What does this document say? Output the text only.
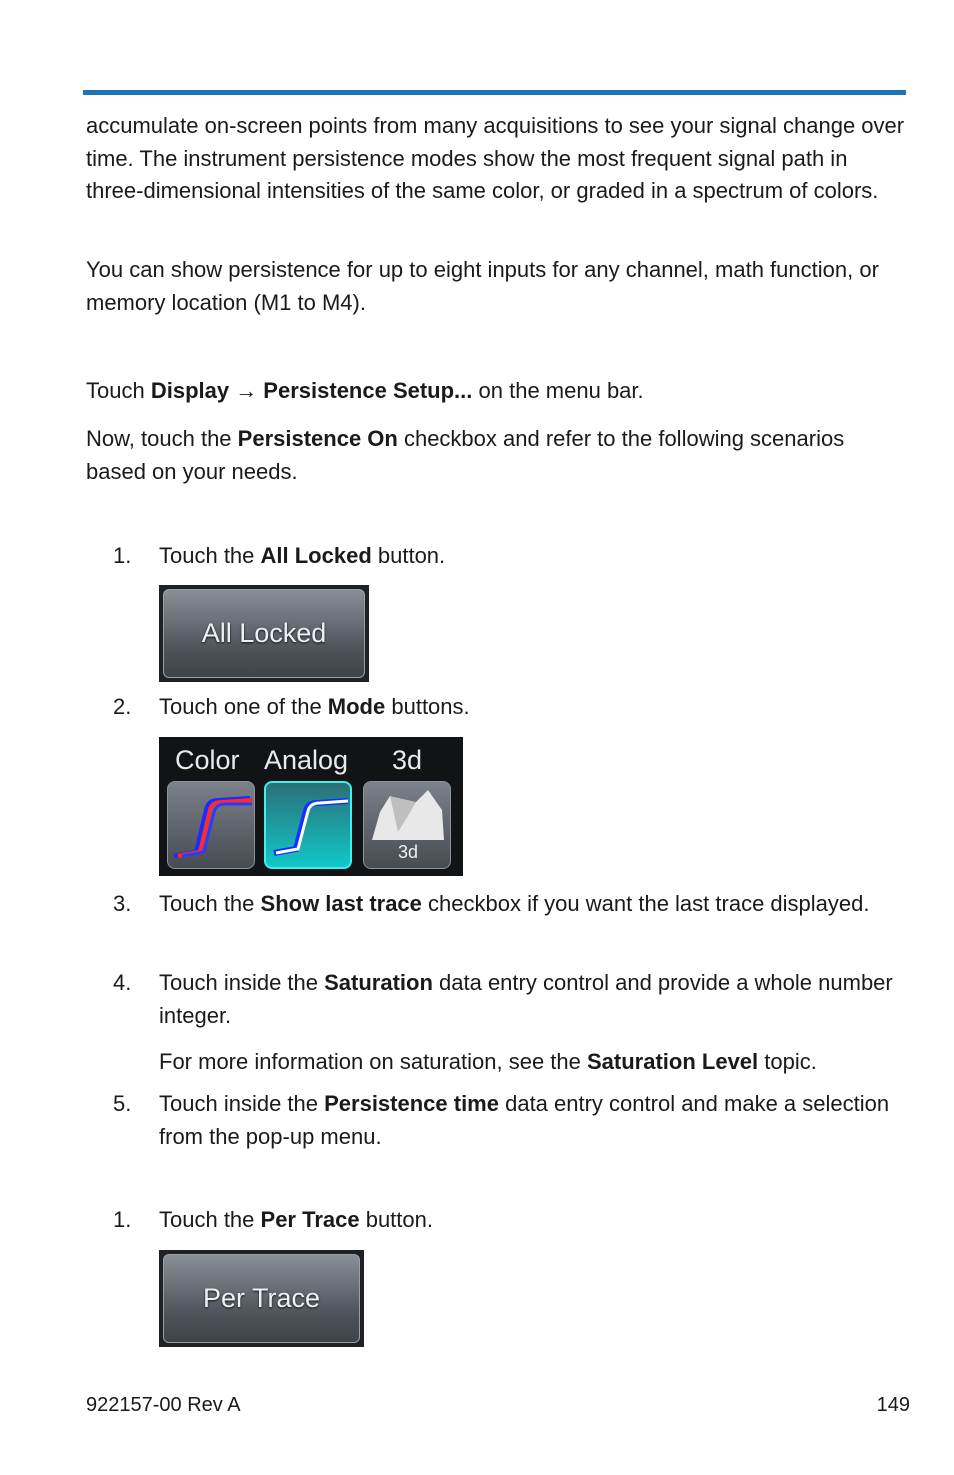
accumulate on-screen points from many acquisitions to see your signal change over time. The instrument persistence modes show the most frequent signal path in three-dimensional intensities of the same color, or graded in a spectrum of colors.

You can show persistence for up to eight inputs for any channel, math function, or memory location (M1 to M4).

Touch Display → Persistence Setup... on the menu bar.

Now, touch the Persistence On checkbox and refer to the following scenarios based on your needs.

1. Touch the All Locked button.
All Locked
2. Touch one of the Mode buttons.
Color Analog 3d
3d
3. Touch the Show last trace checkbox if you want the last trace displayed.
4. Touch inside the Saturation data entry control and provide a whole number integer.
For more information on saturation, see the Saturation Level topic.
5. Touch inside the Persistence time data entry control and make a selection from the pop-up menu.
1. Touch the Per Trace button.
Per Trace
922157-00 Rev A	149
